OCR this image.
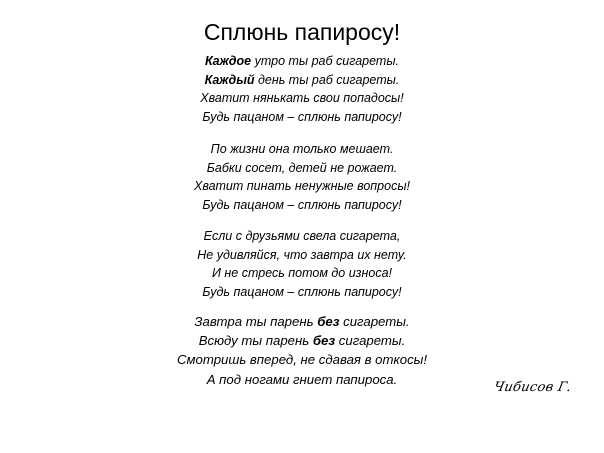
Сплюнь папиросу!
Каждое утро ты раб сигареты.
Каждый день ты раб сигареты.
Хватит нянькать свои попадосы!
Будь пацаном – сплюнь папиросу!
По жизни она только мешает.
Бабки сосет, детей не рожает.
Хватит пинать ненужные вопросы!
Будь пацаном – сплюнь папиросу!
Если с друзьями свела сигарета,
Не удивляйся, что завтра их нету.
И не стресь потом до износа!
Будь пацаном – сплюнь папиросу!
Завтра ты парень без сигареты.
Всюду ты парень без сигареты.
Смотришь вперед, не сдавая в откосы!
А под ногами гниет папироса.
Чибисов Г.
